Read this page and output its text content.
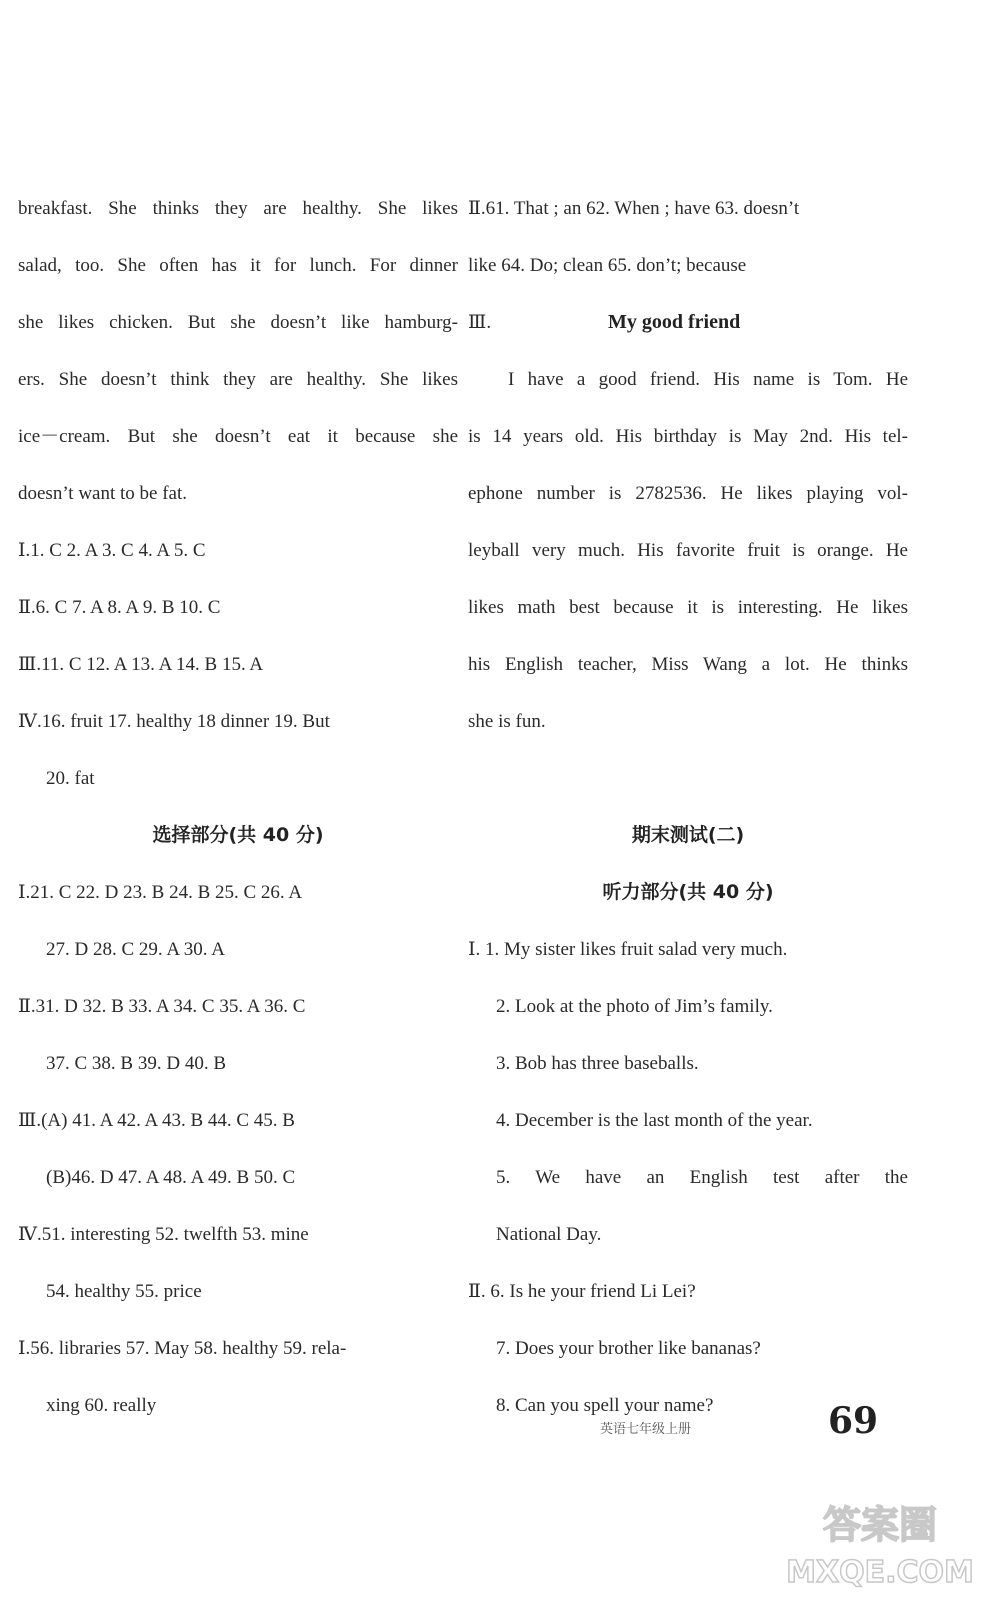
breakfast. She thinks they are healthy. She likes
salad, too. She often has it for lunch. For dinner
she likes chicken. But she doesn’t like hamburg-
ers. She doesn’t think they are healthy. She likes
ice－cream. But she doesn’t eat it because she
doesn’t want to be fat.
Ⅰ.1. C 2. A 3. C 4. A 5. C
Ⅱ.6. C 7. A 8. A 9. B 10. C
Ⅲ.11. C 12. A 13. A 14. B 15. A
Ⅳ.16. fruit 17. healthy 18 dinner 19. But
20. fat
选择部分(共 40 分)
Ⅰ.21. C 22. D 23. B 24. B 25. C 26. A
27. D 28. C 29. A 30. A
Ⅱ.31. D 32. B 33. A 34. C 35. A 36. C
37. C 38. B 39. D 40. B
Ⅲ.(A) 41. A 42. A 43. B 44. C 45. B
(B)46. D 47. A 48. A 49. B 50. C
Ⅳ.51. interesting 52. twelfth 53. mine
54. healthy 55. price
Ⅰ.56. libraries 57. May 58. healthy 59. rela-
xing 60. really
Ⅱ.61. That ; an 62. When ; have 63. doesn’t
like 64. Do; clean 65. don’t; because
Ⅲ.	My good friend
I have a good friend. His name is Tom. He
is 14 years old. His birthday is May 2nd. His tel-
ephone number is 2782536. He likes playing vol-
leyball very much. His favorite fruit is orange. He
likes math best because it is interesting. He likes
his English teacher, Miss Wang a lot. He thinks
she is fun.
期末测试(二)
听力部分(共 40 分)
Ⅰ. 1. My sister likes fruit salad very much.
2. Look at the photo of Jim’s family.
3. Bob has three baseballs.
4. December is the last month of the year.
5. We have an English test after the
National Day.
Ⅱ. 6. Is he your friend Li Lei?
7. Does your brother like bananas?
8. Can you spell your name?
英语七年级上册	69
答案圈
MXQE.COM
